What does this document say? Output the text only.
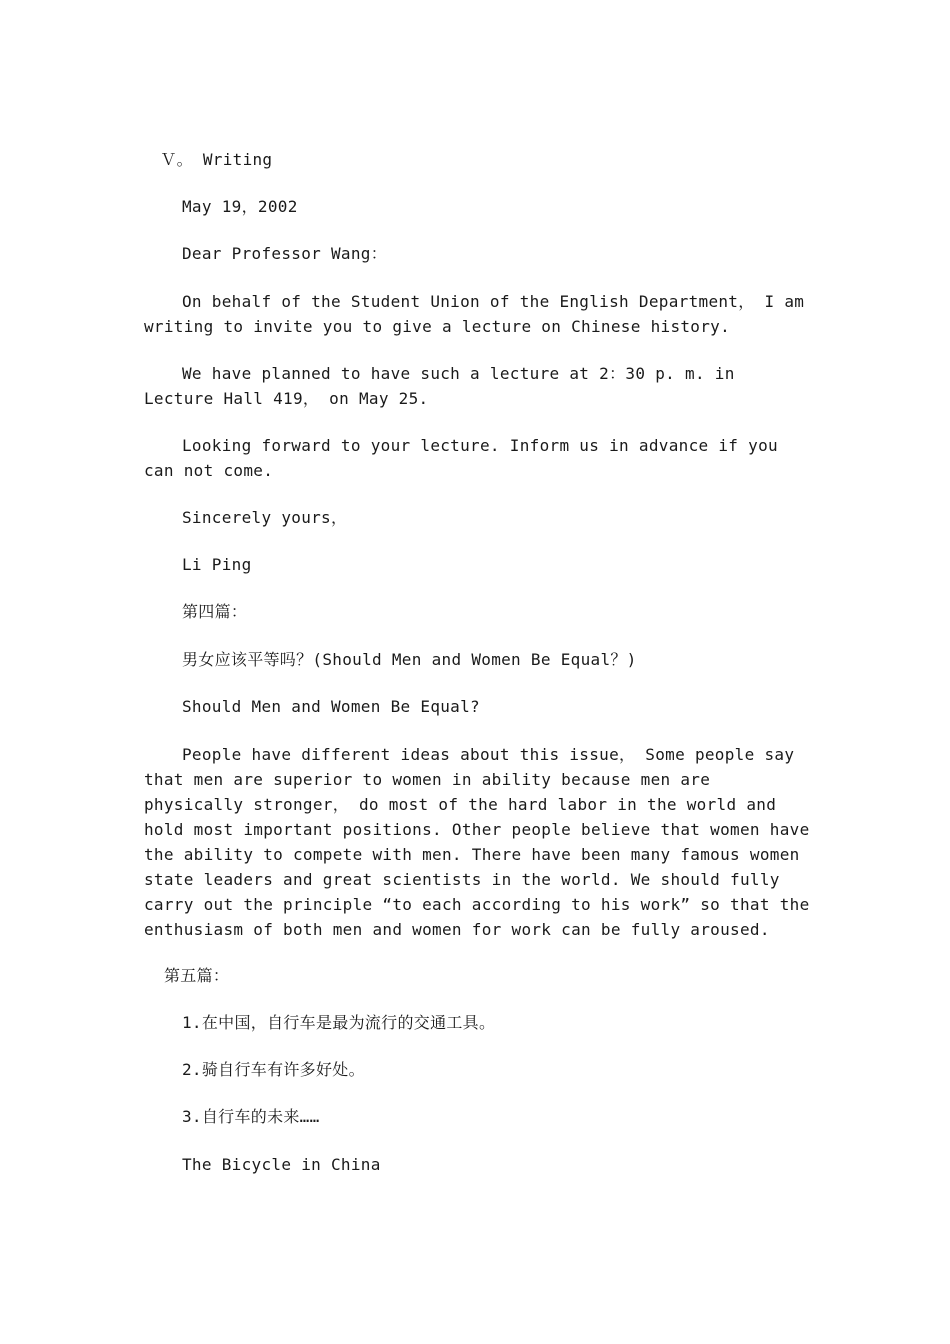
　Ｖ。 Writing

May 19，2002

Dear Professor Wang：

On behalf of the Student Union of the English Department， I am writing to invite you to give a lecture on Chinese history.

We have planned to have such a lecture at 2：30 p. m. in Lecture Hall 419， on May 25.

Looking forward to your lecture. Inform us in advance if you can not come.

Sincerely yours，

Li Ping

第四篇：

男女应该平等吗？(Should Men and Women Be Equal？)

Should Men and Women Be Equal?

People have different ideas about this issue， Some people say that men are superior to women in ability because men are physically stronger， do most of the hard labor in the world and hold most important positions. Other people believe that women have the ability to compete with men. There have been many famous women state leaders and great scientists in the world. We should fully carry out the principle “to each according to his work” so that the enthusiasm of both men and women for work can be fully aroused.

第五篇：

1.在中国，自行车是最为流行的交通工具。

2.骑自行车有许多好处。

3.自行车的未来……

The Bicycle in China
